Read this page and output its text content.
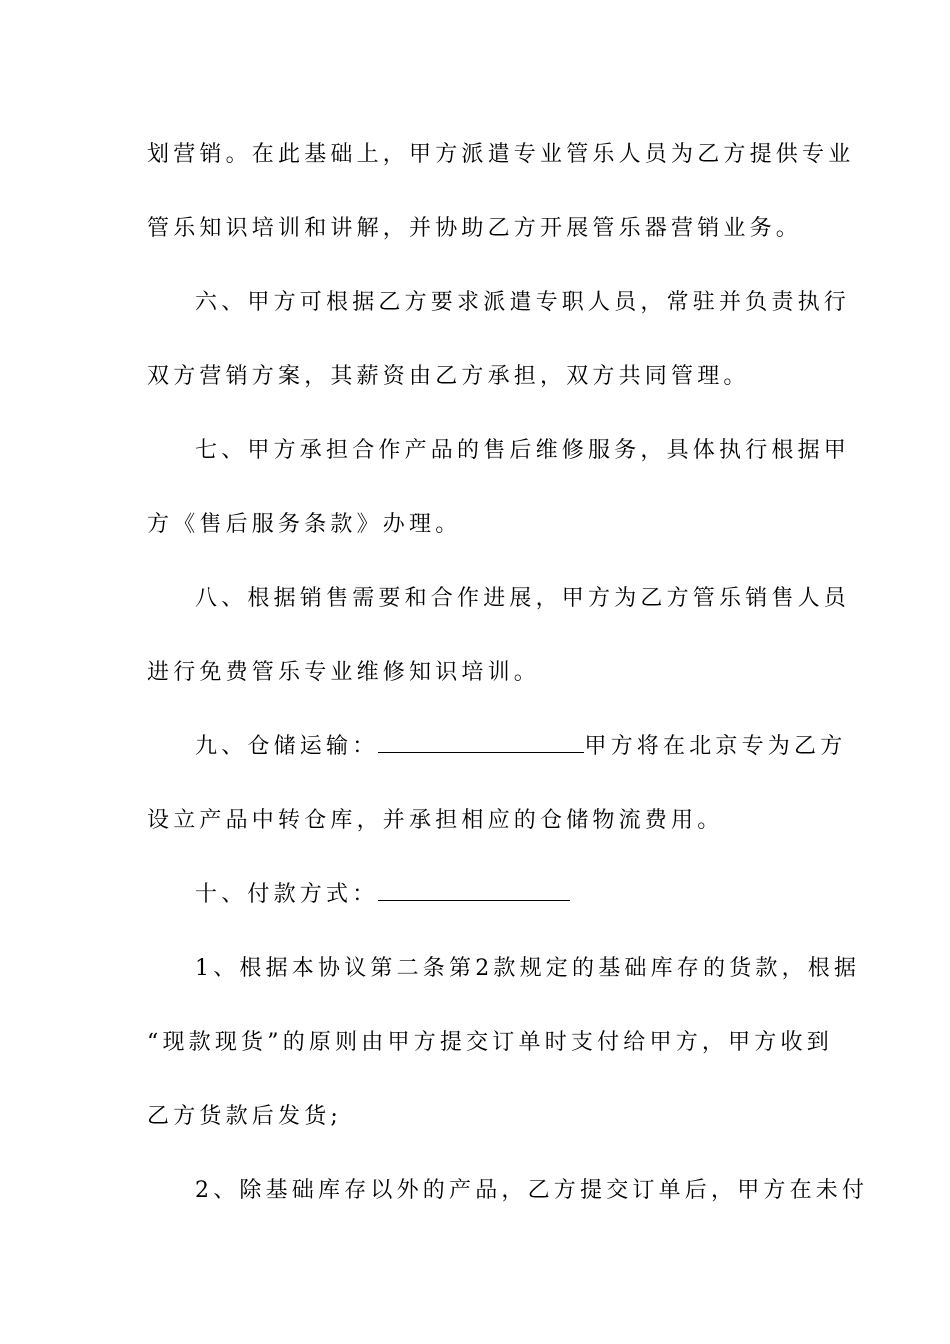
划营销。在此基础上，甲方派遣专业管乐人员为乙方提供专业
管乐知识培训和讲解，并协助乙方开展管乐器营销业务。
六、甲方可根据乙方要求派遣专职人员，常驻并负责执行
双方营销方案，其薪资由乙方承担，双方共同管理。
七、甲方承担合作产品的售后维修服务，具体执行根据甲
方《售后服务条款》办理。
八、根据销售需要和合作进展，甲方为乙方管乐销售人员
进行免费管乐专业维修知识培训。
九、仓储运输：	甲方将在北京专为乙方
设立产品中转仓库，并承担相应的仓储物流费用。
十、付款方式：
1、根据本协议第二条第2款规定的基础库存的货款，根据
“现款现货”的原则由甲方提交订单时支付给甲方，甲方收到
乙方货款后发货;
2、除基础库存以外的产品，乙方提交订单后，甲方在未付
